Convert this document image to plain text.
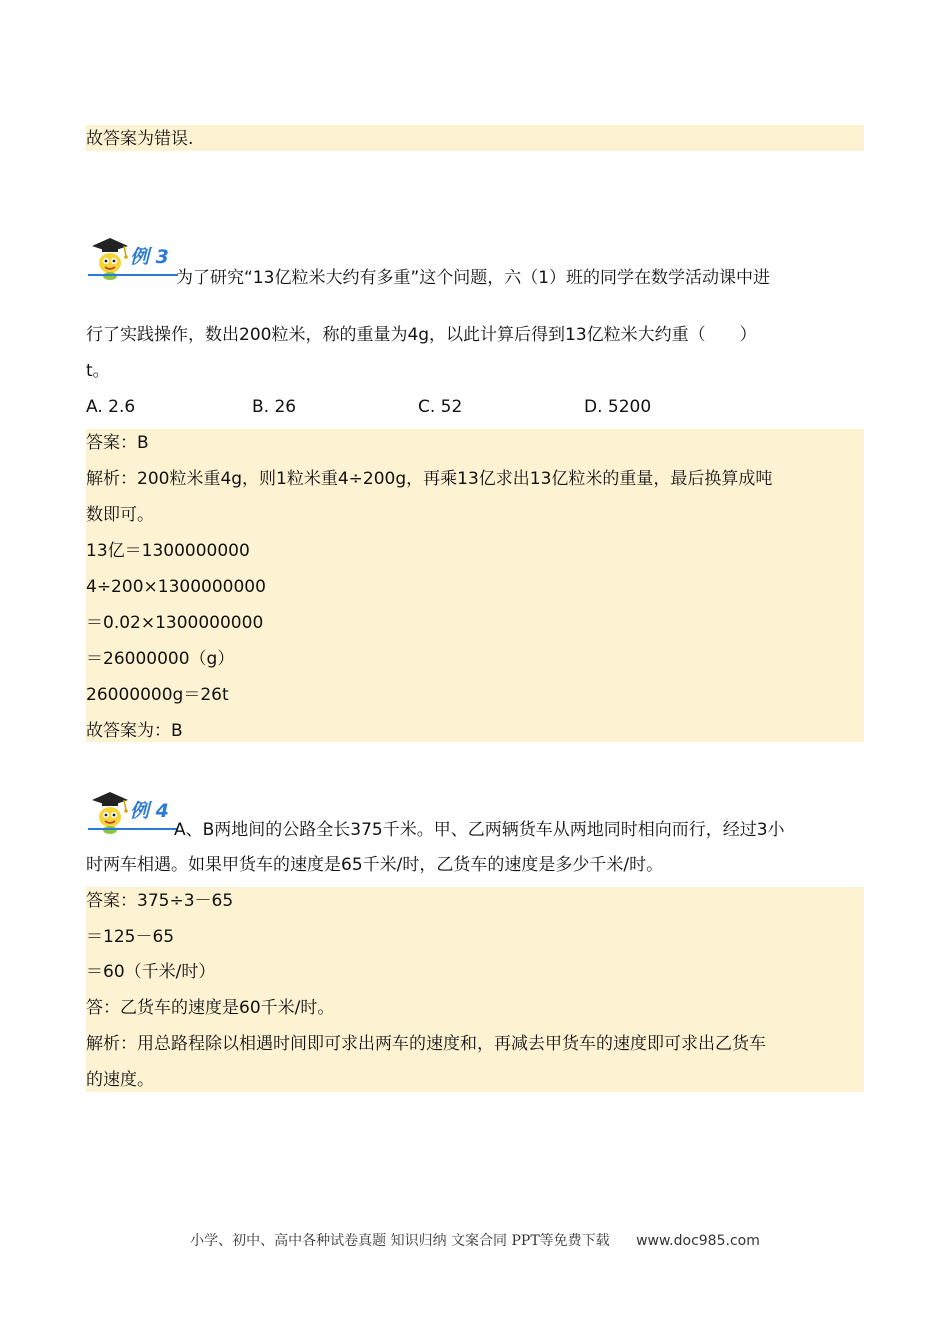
故答案为错误.
例 3
为了研究“13亿粒米大约有多重”这个问题，六（1）班的同学在数学活动课中进
行了实践操作，数出200粒米，称的重量为4g，以此计算后得到13亿粒米大约重（　　）
t。
A. 2.6	B. 26	C. 52	D. 5200
答案：B
解析：200粒米重4g，则1粒米重4÷200g，再乘13亿求出13亿粒米的重量，最后换算成吨
数即可。
13亿＝1300000000
4÷200×1300000000
＝0.02×1300000000
＝26000000（g）
26000000g＝26t
故答案为：B
例 4
A、B两地间的公路全长375千米。甲、乙两辆货车从两地同时相向而行，经过3小
时两车相遇。如果甲货车的速度是65千米/时，乙货车的速度是多少千米/时。
答案：375÷3－65
＝125－65
＝60（千米/时）
答：乙货车的速度是60千米/时。
解析：用总路程除以相遇时间即可求出两车的速度和，再减去甲货车的速度即可求出乙货车
的速度。
小学、初中、高中各种试卷真题 知识归纳 文案合同 PPT等免费下载 www.doc985.com
